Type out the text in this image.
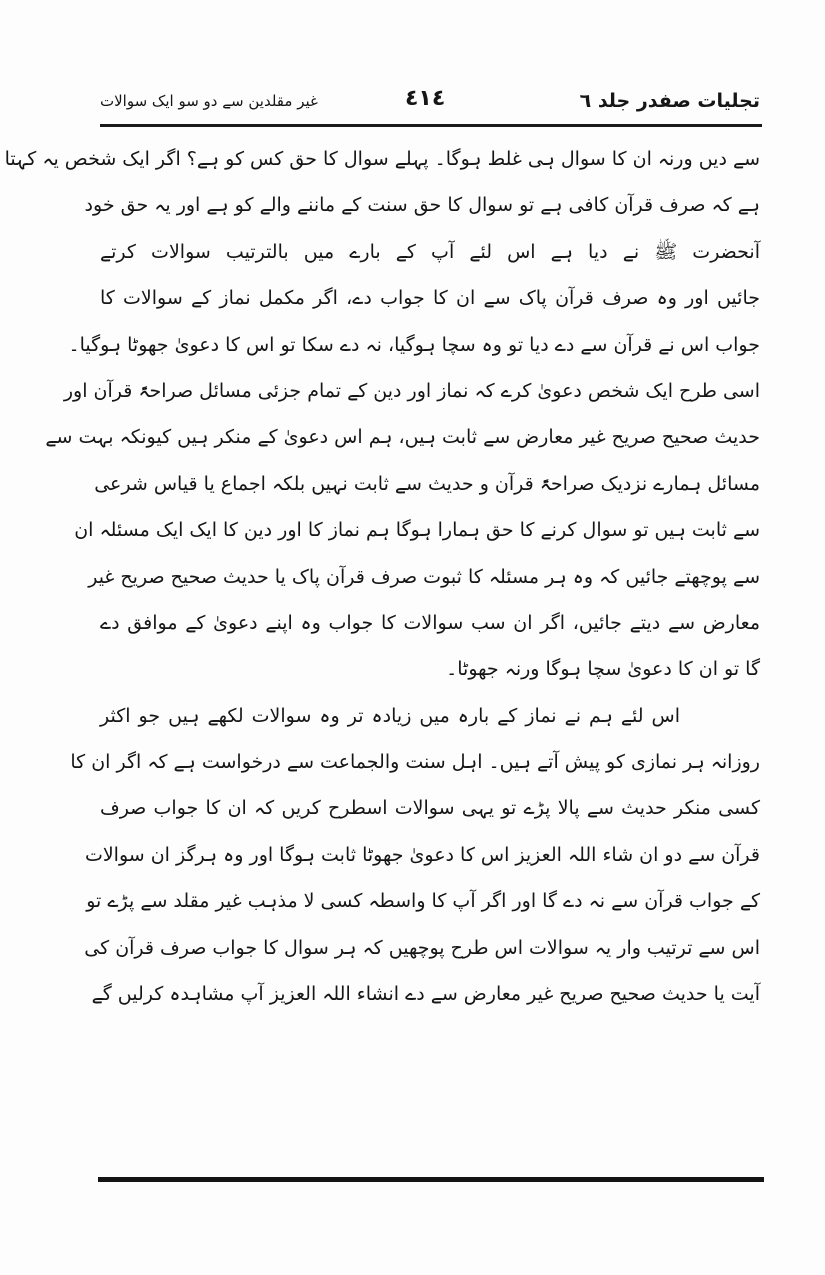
تجلیات صفدر جلد ٦
٤١٤
غیر مقلدین سے دو سو ایک سوالات
سے دیں ورنہ ان کا سوال ہی غلط ہوگا۔ پہلے سوال کا حق کس کو ہے؟ اگر ایک شخص یہ کہتا
ہے کہ صرف قرآن کافی ہے تو سوال کا حق سنت کے ماننے والے کو ہے اور یہ حق خود
آنحضرت ﷺ نے دیا ہے اس لئے آپ کے بارے میں بالترتیب سوالات کرتے
جائیں اور وہ صرف قرآن پاک سے ان کا جواب دے، اگر مکمل نماز کے سوالات کا
جواب اس نے قرآن سے دے دیا تو وہ سچا ہوگیا، نہ دے سکا تو اس کا دعویٰ جھوٹا ہوگیا۔
اسی طرح ایک شخص دعویٰ کرے کہ نماز اور دین کے تمام جزئی مسائل صراحۃً قرآن اور
حدیث صحیح صریح غیر معارض سے ثابت ہیں، ہم اس دعویٰ کے منکر ہیں کیونکہ بہت سے
مسائل ہمارے نزدیک صراحۃً قرآن و حدیث سے ثابت نہیں بلکہ اجماع یا قیاس شرعی
سے ثابت ہیں تو سوال کرنے کا حق ہمارا ہوگا ہم نماز کا اور دین کا ایک ایک مسئلہ ان
سے پوچھتے جائیں کہ وہ ہر مسئلہ کا ثبوت صرف قرآن پاک یا حدیث صحیح صریح غیر
معارض سے دیتے جائیں، اگر ان سب سوالات کا جواب وہ اپنے دعویٰ کے موافق دے
گا تو ان کا دعویٰ سچا ہوگا ورنہ جھوٹا۔
اس لئے ہم نے نماز کے بارہ میں زیادہ تر وہ سوالات لکھے ہیں جو اکثر
روزانہ ہر نمازی کو پیش آتے ہیں۔ اہل سنت والجماعت سے درخواست ہے کہ اگر ان کا
کسی منکر حدیث سے پالا پڑے تو یہی سوالات اسطرح کریں کہ ان کا جواب صرف
قرآن سے دو ان شاء اللہ العزیز اس کا دعویٰ جھوٹا ثابت ہوگا اور وہ ہرگز ان سوالات
کے جواب قرآن سے نہ دے گا اور اگر آپ کا واسطہ کسی لا مذہب غیر مقلد سے پڑے تو
اس سے ترتیب وار یہ سوالات اس طرح پوچھیں کہ ہر سوال کا جواب صرف قرآن کی
آیت یا حدیث صحیح صریح غیر معارض سے دے انشاء اللہ العزیز آپ مشاہدہ کرلیں گے
